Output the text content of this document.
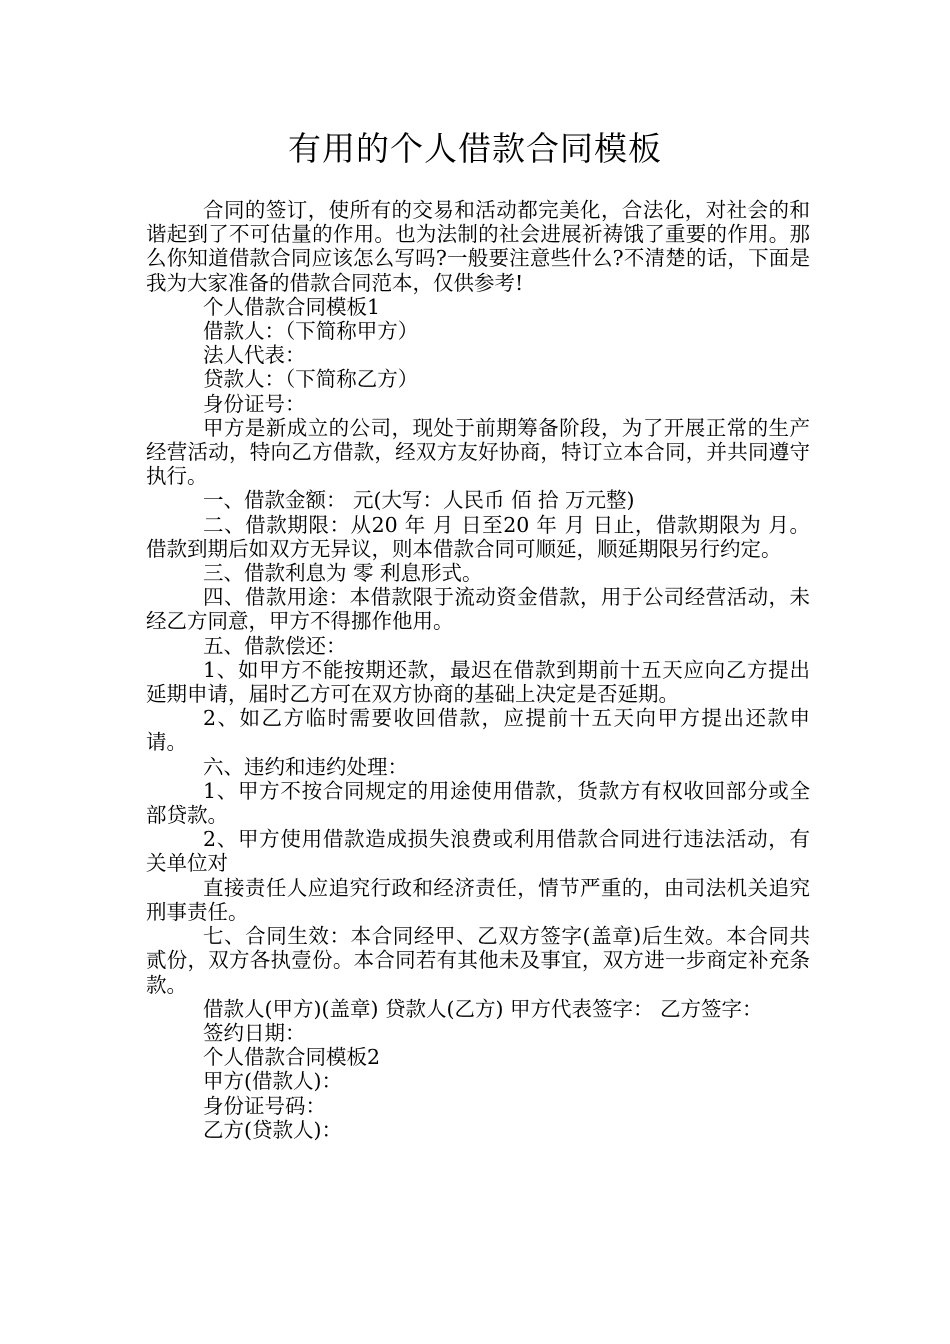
有用的个人借款合同模板

合同的签订，使所有的交易和活动都完美化，合法化，对社会的和谐起到了不可估量的作用。也为法制的社会进展祈祷饿了重要的作用。那么你知道借款合同应该怎么写吗?一般要注意些什么?不清楚的话，下面是我为大家准备的借款合同范本，仅供参考!

个人借款合同模板1

借款人：（下简称甲方）

法人代表：

贷款人：（下简称乙方）

身份证号：

甲方是新成立的公司，现处于前期筹备阶段，为了开展正常的生产经营活动，特向乙方借款，经双方友好协商，特订立本合同，并共同遵守执行。

一、借款金额： 元(大写：人民币 佰 拾 万元整)

二、借款期限：从20 年 月 日至20 年 月 日止，借款期限为 月。借款到期后如双方无异议，则本借款合同可顺延，顺延期限另行约定。

三、借款利息为 零 利息形式。

四、借款用途：本借款限于流动资金借款，用于公司经营活动，未经乙方同意，甲方不得挪作他用。

五、借款偿还：

1、如甲方不能按期还款，最迟在借款到期前十五天应向乙方提出延期申请，届时乙方可在双方协商的基础上决定是否延期。

2、如乙方临时需要收回借款，应提前十五天向甲方提出还款申请。

六、违约和违约处理：

1、甲方不按合同规定的用途使用借款，货款方有权收回部分或全部贷款。

2、甲方使用借款造成损失浪费或利用借款合同进行违法活动，有关单位对

直接责任人应追究行政和经济责任，情节严重的，由司法机关追究刑事责任。

七、合同生效：本合同经甲、乙双方签字(盖章)后生效。本合同共贰份，双方各执壹份。本合同若有其他未及事宜，双方进一步商定补充条款。

借款人(甲方)(盖章) 贷款人(乙方) 甲方代表签字： 乙方签字：

签约日期：

个人借款合同模板2

甲方(借款人)：

身份证号码：

乙方(贷款人)：
